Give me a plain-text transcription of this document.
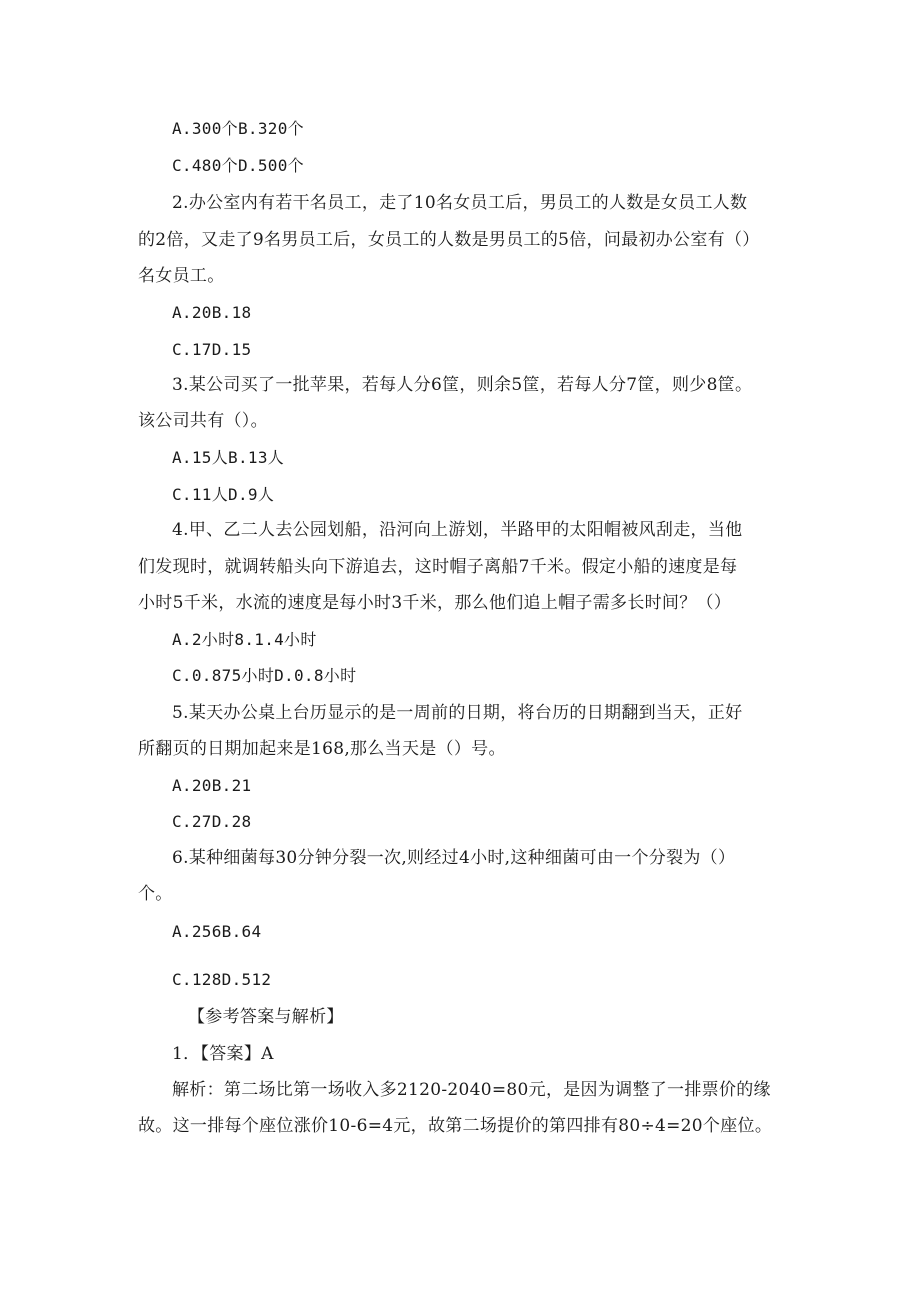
A.300个B.320个
C.480个D.500个
2.办公室内有若干名员工，走了10名女员工后，男员工的人数是女员工人数
的2倍，又走了9名男员工后，女员工的人数是男员工的5倍，问最初办公室有（）
名女员工。
A.20B.18
C.17D.15
3.某公司买了一批苹果，若每人分6筐，则余5筐，若每人分7筐，则少8筐。
该公司共有（）。
A.15人B.13人
C.11人D.9人
4.甲、乙二人去公园划船，沿河向上游划，半路甲的太阳帽被风刮走，当他
们发现时，就调转船头向下游追去，这时帽子离船7千米。假定小船的速度是每
小时5千米，水流的速度是每小时3千米，那么他们追上帽子需多长时间？（）
A.2小时8.1.4小时
C.0.875小时D.0.8小时
5.某天办公桌上台历显示的是一周前的日期，将台历的日期翻到当天，正好
所翻页的日期加起来是168,那么当天是（）号。
A.20B.21
C.27D.28
6.某种细菌每30分钟分裂一次,则经过4小时,这种细菌可由一个分裂为（）
个。
A.256B.64
C.128D.512
【参考答案与解析】
1．【答案】A
解析：第二场比第一场收入多2120-2040=80元，是因为调整了一排票价的缘
故。这一排每个座位涨价10-6=4元，故第二场提价的第四排有80÷4=20个座位。
